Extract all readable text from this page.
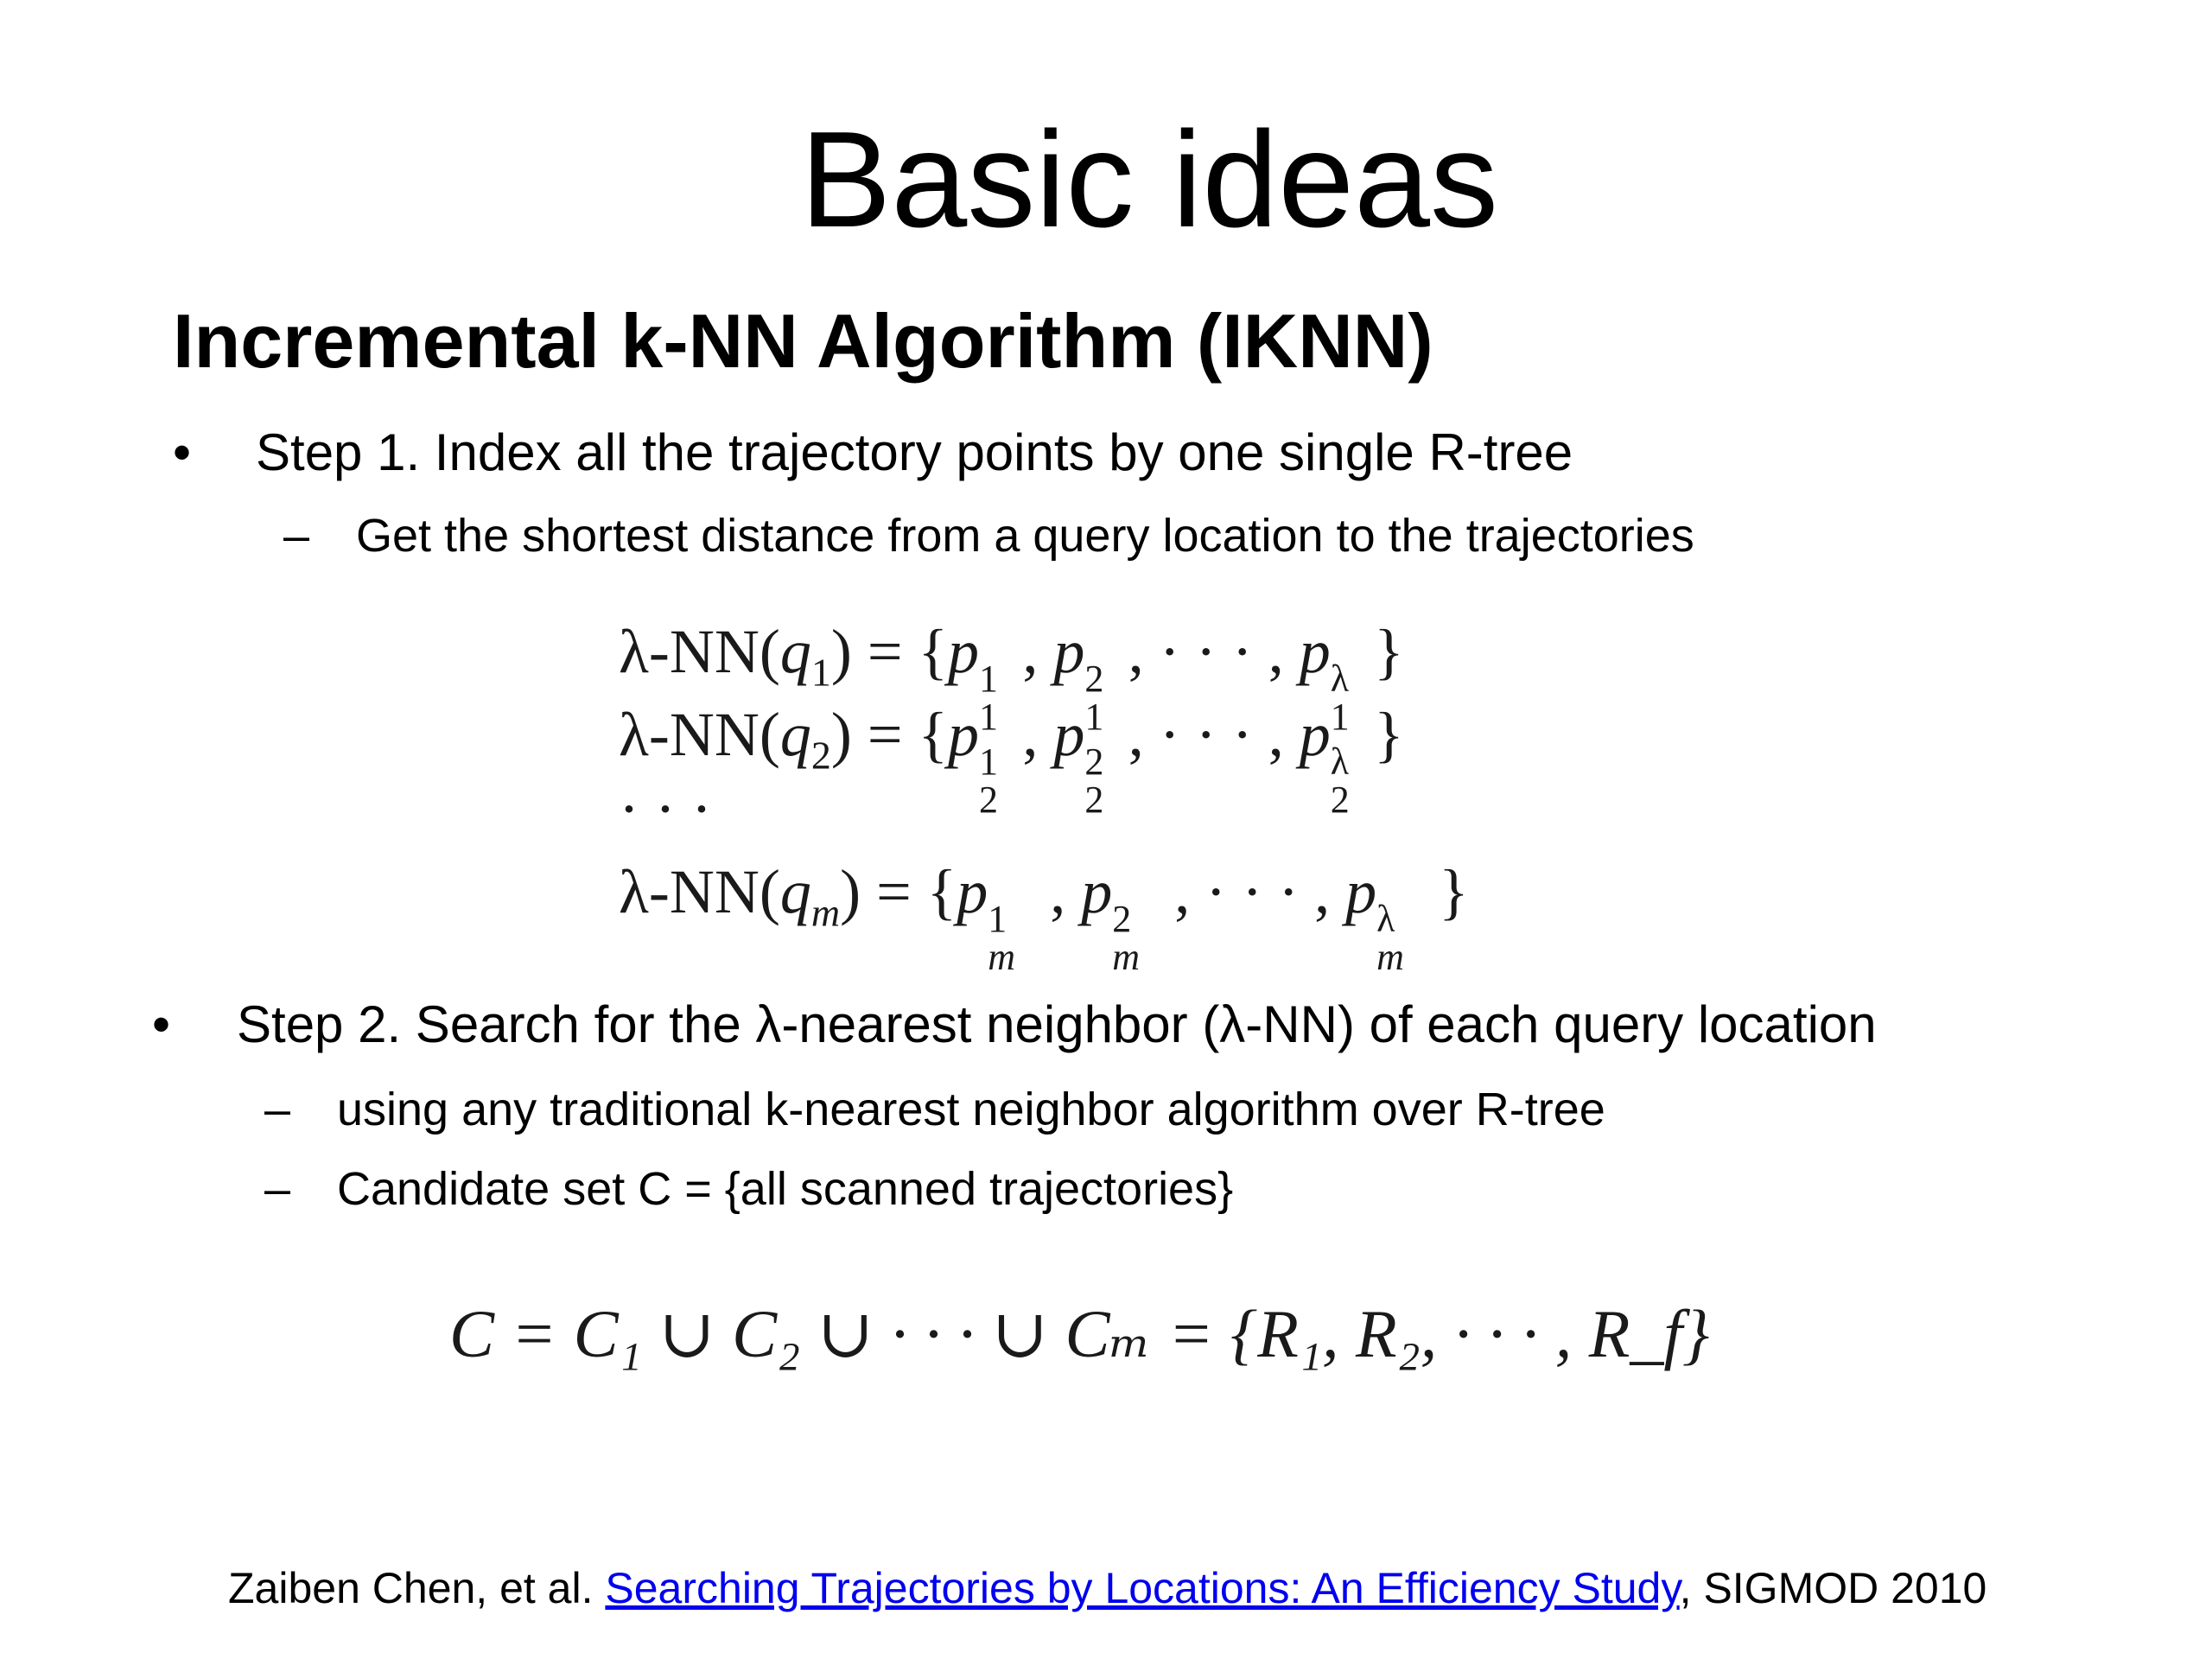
Basic ideas
Incremental k-NN Algorithm (IKNN)
• Step 1. Index all the trajectory points by one single R-tree
– Get the shortest distance from a query location to the trajectories
$\lambda-NN(q_1) = \{p$ 1
1
, p 2
1
, · · · , p λ
1
}
$\lambda-NN(q_2) = \{p$ 1
2
, p 2
2
, · · · , p λ
2
}
· · ·
$\lambda-NN(q_m) = \{p$ 1
m
, p 2
m
, · · · , p λ
m
}
• Step 2. Search for the λ-nearest neighbor (λ-NN) of each query location
– using any traditional k-nearest neighbor algorithm over R-tree
– Candidate set C = {all scanned trajectories}
C = C₁ ∪ C₂ ∪ · · · ∪ Cₘ = {R₁, R₂, · · · , R_f}
Zaiben Chen, et al. Searching Trajectories by Locations: An Efficiency Study, SIGMOD 2010
